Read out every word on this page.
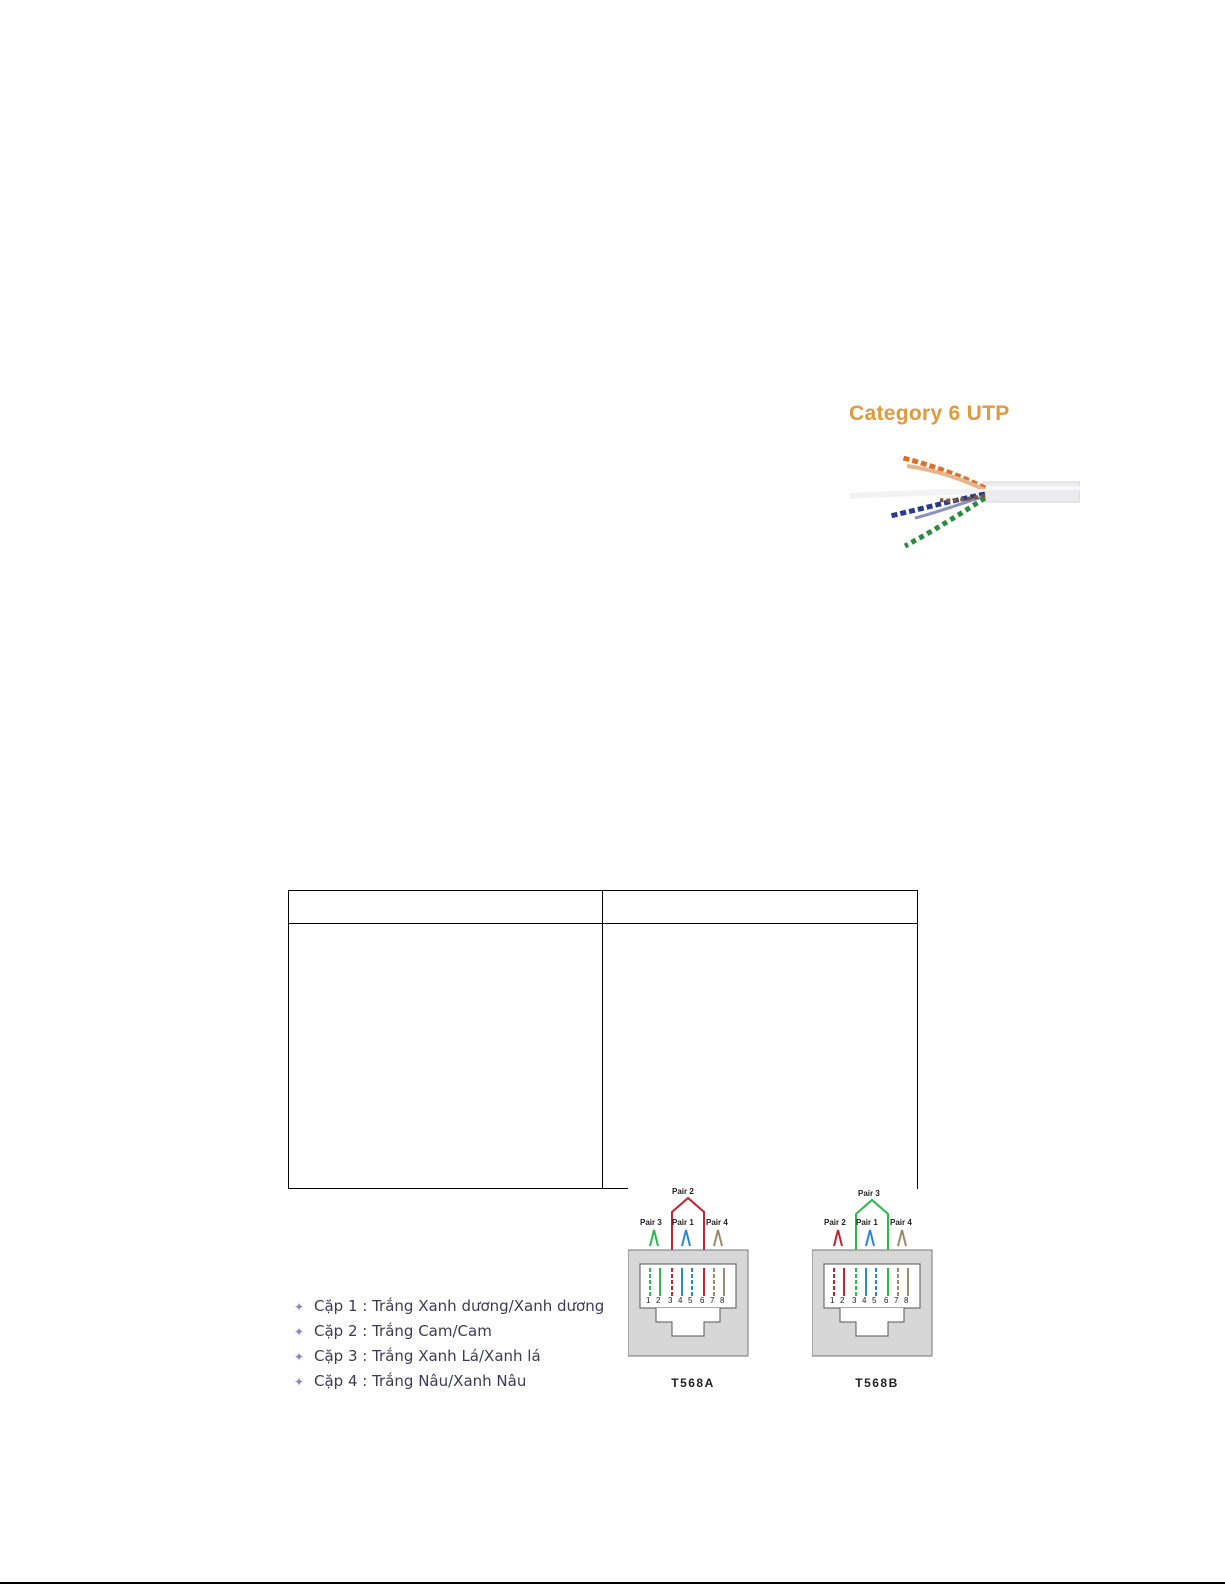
Category 6 UTP
✦ Cặp 1 : Trắng Xanh dương/Xanh dương
✦ Cặp 2 : Trắng Cam/Cam
✦ Cặp 3 : Trắng Xanh Lá/Xanh lá
✦ Cặp 4 : Trắng Nâu/Xanh Nâu
Pair 2
Pair 3 Pair 1 Pair 4
1 2 3 4 5 6 7 8
T568A
Pair 3
Pair 2 Pair 1 Pair 4
1 2 3 4 5 6 7 8
T568B
